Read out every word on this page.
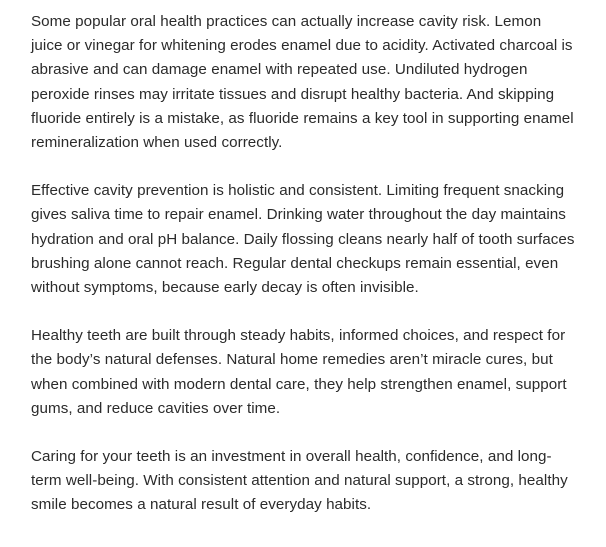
Some popular oral health practices can actually increase cavity risk. Lemon juice or vinegar for whitening erodes enamel due to acidity. Activated charcoal is abrasive and can damage enamel with repeated use. Undiluted hydrogen peroxide rinses may irritate tissues and disrupt healthy bacteria. And skipping fluoride entirely is a mistake, as fluoride remains a key tool in supporting enamel remineralization when used correctly.

Effective cavity prevention is holistic and consistent. Limiting frequent snacking gives saliva time to repair enamel. Drinking water throughout the day maintains hydration and oral pH balance. Daily flossing cleans nearly half of tooth surfaces brushing alone cannot reach. Regular dental checkups remain essential, even without symptoms, because early decay is often invisible.

Healthy teeth are built through steady habits, informed choices, and respect for the body’s natural defenses. Natural home remedies aren’t miracle cures, but when combined with modern dental care, they help strengthen enamel, support gums, and reduce cavities over time.

Caring for your teeth is an investment in overall health, confidence, and long-term well-being. With consistent attention and natural support, a strong, healthy smile becomes a natural result of everyday habits.
